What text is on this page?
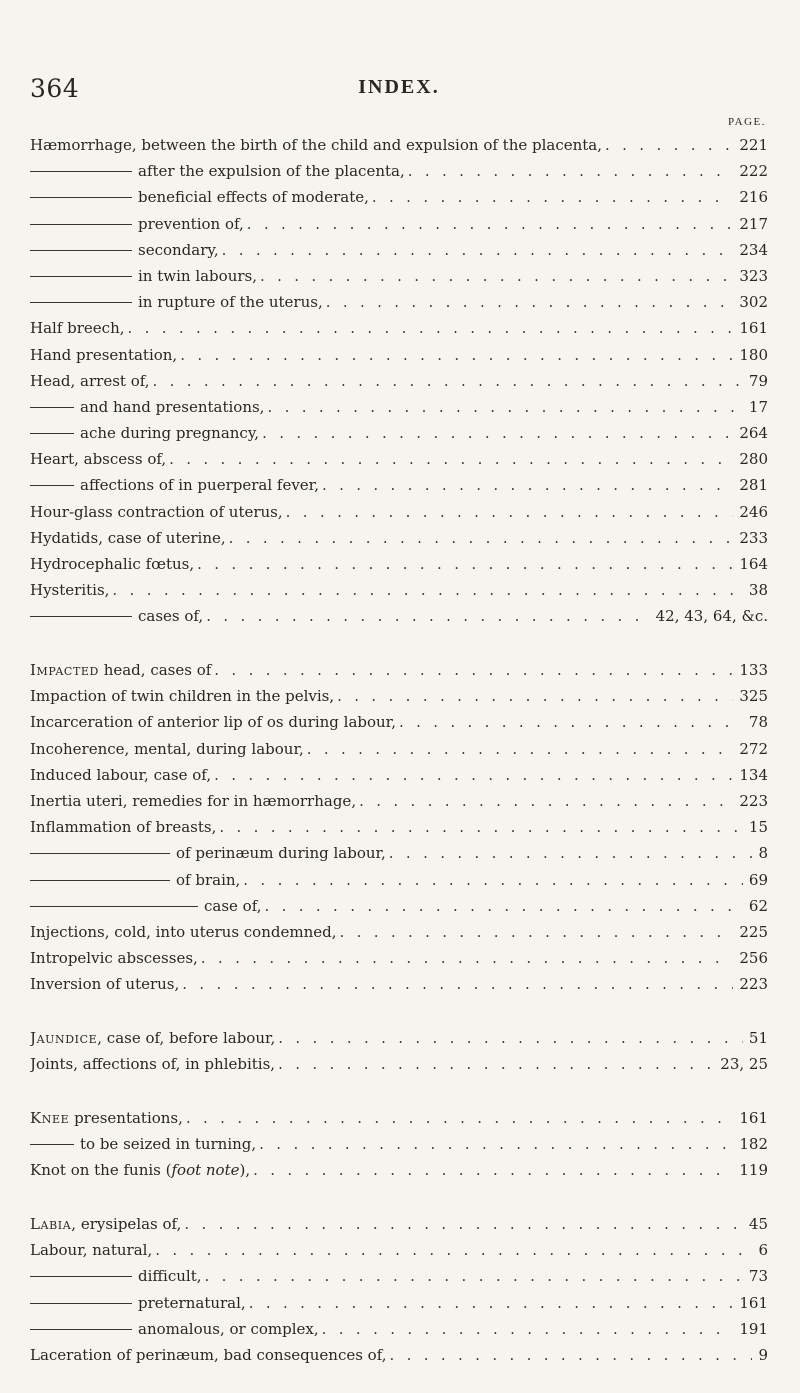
364	INDEX.
PAGE.
Hæmorrhage, between the birth of the child and expulsion of the placenta, . . .	221
after the expulsion of the placenta, . . .	222
beneficial effects of moderate, . . .	216
prevention of, . . .	217
secondary, . . .	234
in twin labours, . . .	323
in rupture of the uterus, . . .	302
Half breech, . . .	161
Hand presentation, . . .	180
Head, arrest of, . . .	79
and hand presentations, . . .	17
ache during pregnancy, . . .	264
Heart, abscess of, . . .	280
affections of in puerperal fever, . . .	281
Hour-glass contraction of uterus, . . .	246
Hydatids, case of uterine, . . .	233
Hydrocephalic fœtus, . . .	164
Hysteritis, . . .	38
cases of, . . .	42, 43, 64, &c.
Impacted head, cases of . . .	133
Impaction of twin children in the pelvis, . . .	325
Incarceration of anterior lip of os during labour, . . .	78
Incoherence, mental, during labour, . . .	272
Induced labour, case of, . . .	134
Inertia uteri, remedies for in hæmorrhage, . . .	223
Inflammation of breasts, . . .	15
of perinæum during labour, . . .	8
of brain, . . .	69
case of, . . .	62
Injections, cold, into uterus condemned, . . .	225
Intropelvic abscesses, . . .	256
Inversion of uterus, . . .	223
Jaundice, case of, before labour, . . .	51
Joints, affections of, in phlebitis, . . .	23, 25
Knee presentations, . . .	161
to be seized in turning, . . .	182
Knot on the funis (foot note), . . .	119
Labia, erysipelas of, . . .	45
Labour, natural, . . .	6
difficult, . . .	73
preternatural, . . .	161
anomalous, or complex, . . .	191
Laceration of perinæum, bad consequences of, . . .	9
